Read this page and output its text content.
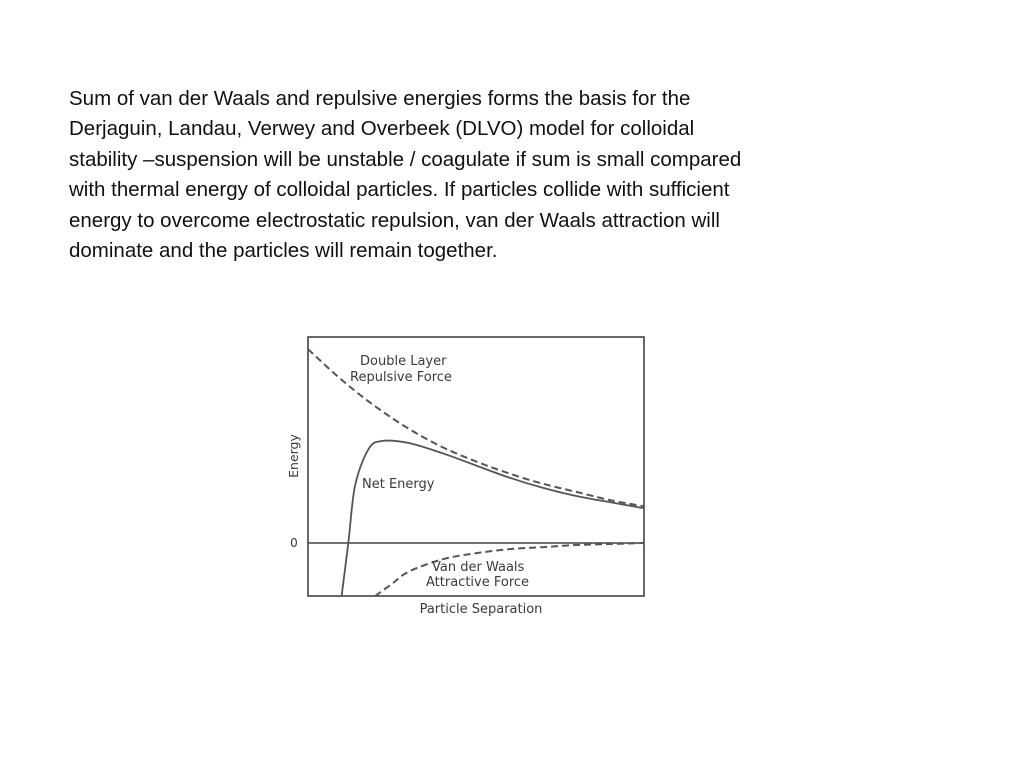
Sum of van der Waals and repulsive energies forms the basis for the
Derjaguin, Landau, Verwey and Overbeek (DLVO) model for colloidal
stability –suspension will be unstable / coagulate if sum is small compared
with thermal energy of colloidal particles. If particles collide with sufficient
energy to overcome electrostatic repulsion, van der Waals attraction will
dominate and the particles will remain together.

0
Energy
Particle Separation
Double Layer
Repulsive Force
Net Energy
Van der Waals
Attractive Force
